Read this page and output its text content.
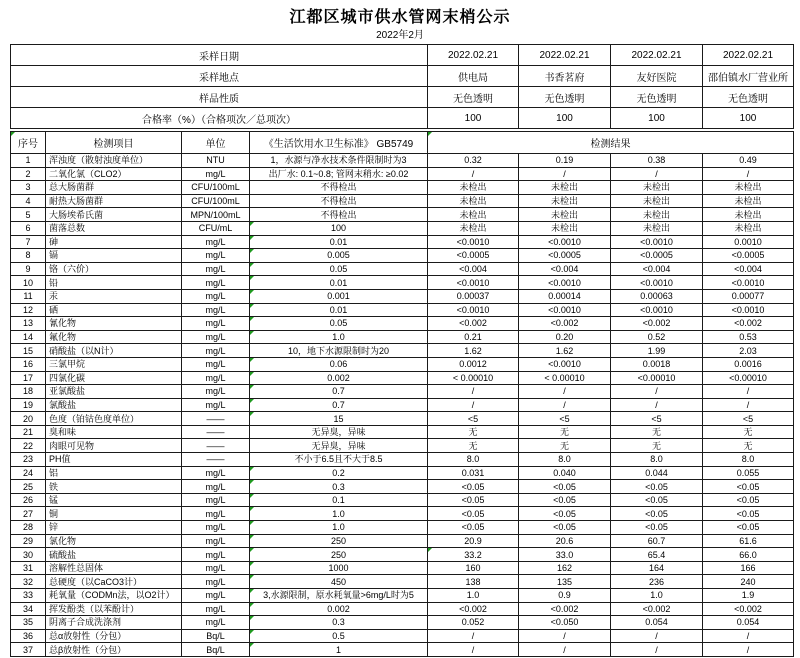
江都区城市供水管网末梢公示
2022年2月
采样日期	2022.02.21	2022.02.21	2022.02.21	2022.02.21
采样地点	供电局	书香茗府	友好医院	邵伯镇水厂营业所
样品性质	无色透明	无色透明	无色透明	无色透明
合格率（%）（合格项次／总项次）	100	100	100	100
序号	检测项目	单位	《生活饮用水卫生标准》 GB5749	检测结果			
1	浑浊度（散射浊度单位）	NTU	1，水源与净水技术条件限制时为3	0.32	0.19	0.38	0.49
2	二氧化氯（CLO2）	mg/L	出厂水: 0.1~0.8; 管网末稍水: ≥0.02	/	/	/	/
3	总大肠菌群	CFU/100mL	不得检出	未检出	未检出	未检出	未检出
4	耐热大肠菌群	CFU/100mL	不得检出	未检出	未检出	未检出	未检出
5	大肠埃希氏菌	MPN/100mL	不得检出	未检出	未检出	未检出	未检出
6	菌落总数	CFU/mL	100	未检出	未检出	未检出	未检出
7	砷	mg/L	0.01	<0.0010	<0.0010	<0.0010	0.0010
8	镉	mg/L	0.005	<0.0005	<0.0005	<0.0005	<0.0005
9	铬（六价）	mg/L	0.05	<0.004	<0.004	<0.004	<0.004
10	铅	mg/L	0.01	<0.0010	<0.0010	<0.0010	<0.0010
11	汞	mg/L	0.001	0.00037	0.00014	0.00063	0.00077
12	硒	mg/L	0.01	<0.0010	<0.0010	<0.0010	<0.0010
13	氰化物	mg/L	0.05	<0.002	<0.002	<0.002	<0.002
14	氟化物	mg/L	1.0	0.21	0.20	0.52	0.53
15	硝酸盐（以N计）	mg/L	10，地下水源限制时为20	1.62	1.62	1.99	2.03
16	三氯甲烷	mg/L	0.06	0.0012	<0.0010	0.0018	0.0016
17	四氯化碳	mg/L	0.002	< 0.00010	< 0.00010	<0.00010	<0.00010
18	亚氯酸盐	mg/L	0.7	/	/	/	/
19	氯酸盐	mg/L	0.7	/	/	/	/
20	色度（铂钴色度单位）	——	15	<5	<5	<5	<5
21	臭和味	——	无异臭，异味	无	无	无	无
22	肉眼可见物	——	无异臭，异味	无	无	无	无
23	PH值	——	不小于6.5且不大于8.5	8.0	8.0	8.0	8.0
24	铝	mg/L	0.2	0.031	0.040	0.044	0.055
25	铁	mg/L	0.3	<0.05	<0.05	<0.05	<0.05
26	锰	mg/L	0.1	<0.05	<0.05	<0.05	<0.05
27	铜	mg/L	1.0	<0.05	<0.05	<0.05	<0.05
28	锌	mg/L	1.0	<0.05	<0.05	<0.05	<0.05
29	氯化物	mg/L	250	20.9	20.6	60.7	61.6
30	硫酸盐	mg/L	250	33.2	33.0	65.4	66.0
31	溶解性总固体	mg/L	1000	160	162	164	166
32	总硬度（以CaCO3计）	mg/L	450	138	135	236	240
33	耗氧量（CODMn法，以O2计）	mg/L	3,水源限制，原水耗氧量>6mg/L时为5	1.0	0.9	1.0	1.9
34	挥发酚类（以苯酚计）	mg/L	0.002	<0.002	<0.002	<0.002	<0.002
35	阴离子合成洗涤剂	mg/L	0.3	0.052	<0.050	0.054	0.054
36	总α放射性（分包）	Bq/L	0.5	/	/	/	/
37	总β放射性（分包）	Bq/L	1	/	/	/	/
